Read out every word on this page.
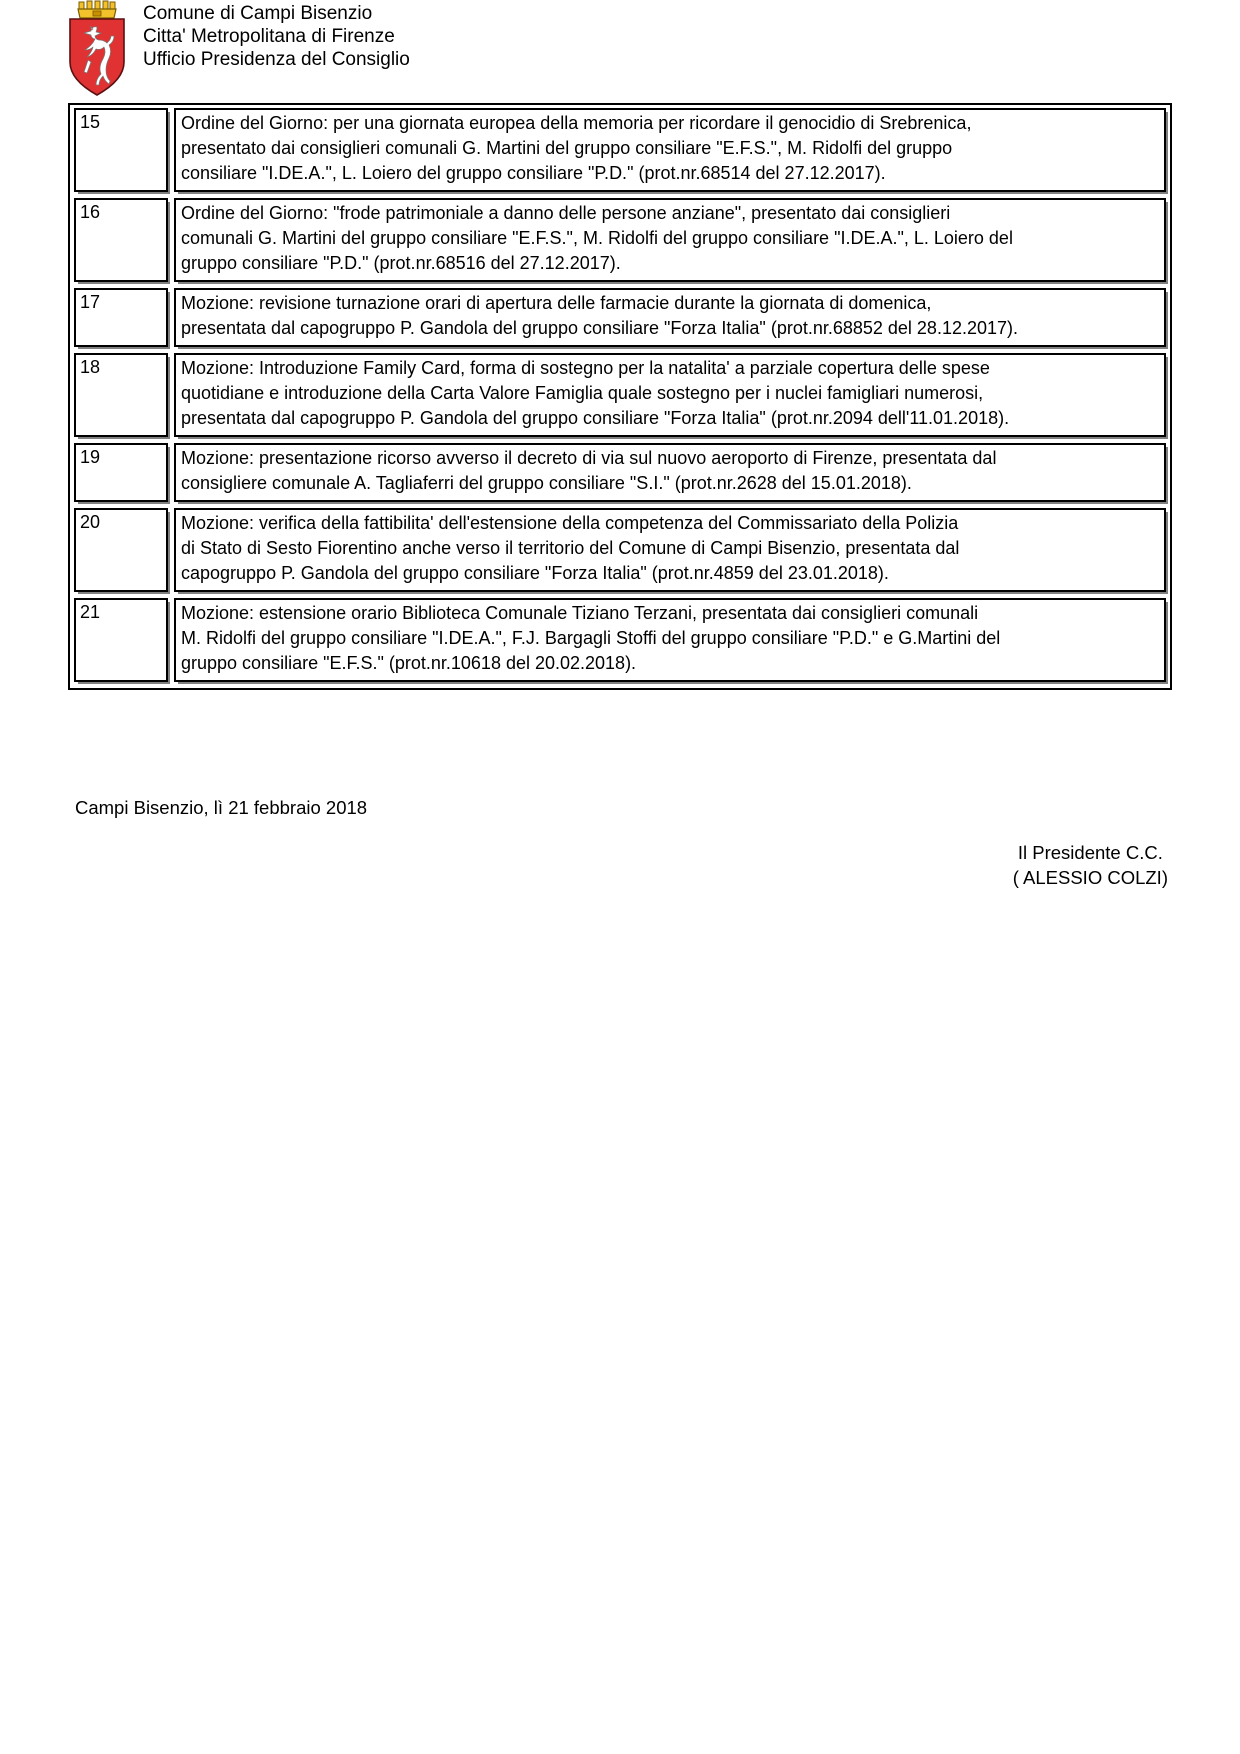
Comune di Campi Bisenzio
Citta' Metropolitana di Firenze
Ufficio Presidenza del Consiglio
15	Ordine del Giorno: per una giornata europea della memoria per ricordare il genocidio di Srebrenica,
presentato dai consiglieri comunali G. Martini del gruppo consiliare "E.F.S.", M. Ridolfi del gruppo
consiliare "I.DE.A.", L. Loiero del gruppo consiliare "P.D." (prot.nr.68514 del 27.12.2017).
16	Ordine del Giorno: "frode patrimoniale a danno delle persone anziane", presentato dai consiglieri
comunali G. Martini del gruppo consiliare "E.F.S.", M. Ridolfi del gruppo consiliare "I.DE.A.", L. Loiero del
gruppo consiliare "P.D." (prot.nr.68516 del 27.12.2017).
17	Mozione: revisione turnazione orari di apertura delle farmacie durante la giornata di domenica,
presentata dal capogruppo P. Gandola del gruppo consiliare "Forza Italia" (prot.nr.68852 del 28.12.2017).
18	Mozione: Introduzione Family Card, forma di sostegno per la natalita' a parziale copertura delle spese
quotidiane e introduzione della Carta Valore Famiglia quale sostegno per i nuclei famigliari numerosi,
presentata dal capogruppo P. Gandola del gruppo consiliare "Forza Italia" (prot.nr.2094 dell'11.01.2018).
19	Mozione: presentazione ricorso avverso il decreto di via sul nuovo aeroporto di Firenze, presentata dal
consigliere comunale A. Tagliaferri del gruppo consiliare "S.I." (prot.nr.2628 del 15.01.2018).
20	Mozione: verifica della fattibilita' dell'estensione della competenza del Commissariato della Polizia
di Stato di Sesto Fiorentino anche verso il territorio del Comune di Campi Bisenzio, presentata dal
capogruppo P. Gandola del gruppo consiliare "Forza Italia" (prot.nr.4859 del 23.01.2018).
21	Mozione: estensione orario Biblioteca Comunale Tiziano Terzani, presentata dai consiglieri comunali
M. Ridolfi del gruppo consiliare "I.DE.A.", F.J. Bargagli Stoffi del gruppo consiliare "P.D." e G.Martini del
gruppo consiliare "E.F.S." (prot.nr.10618 del 20.02.2018).
Campi Bisenzio, lì 21 febbraio 2018
Il Presidente C.C.
( ALESSIO COLZI)
